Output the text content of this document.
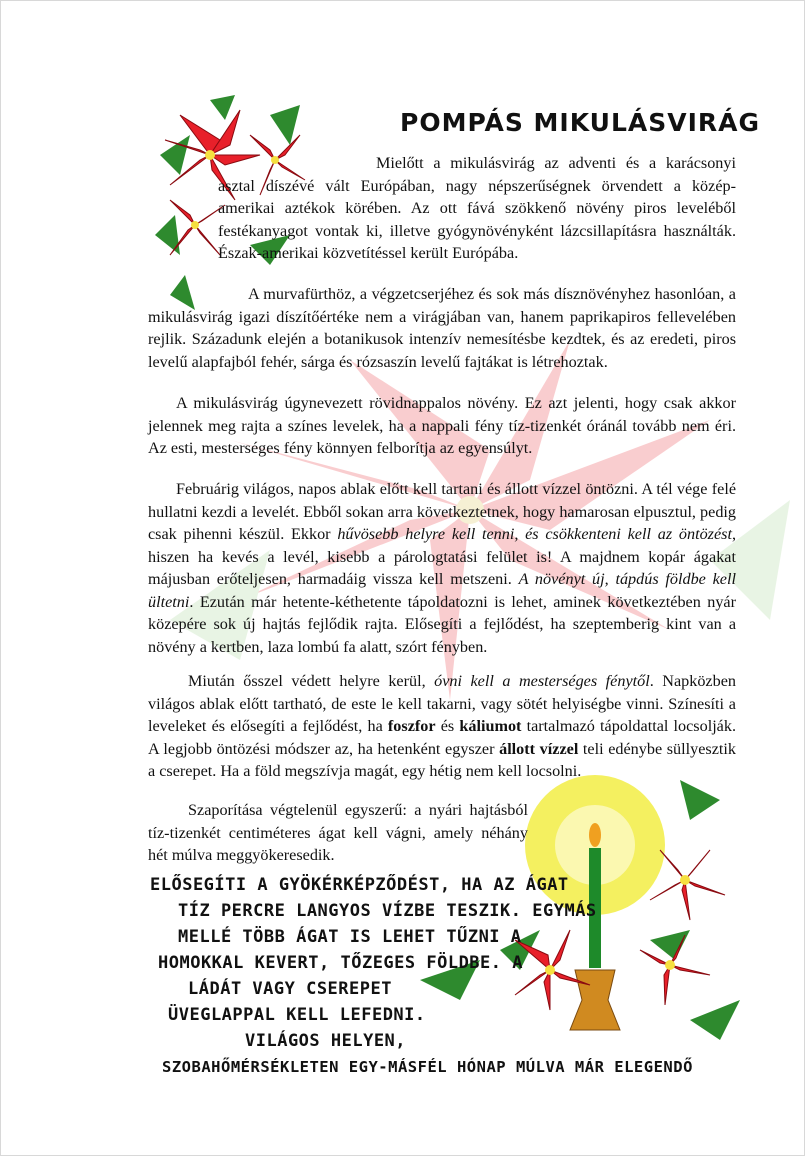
POMPÁS MIKULÁSVIRÁG
Mielőtt a mikulásvirág az adventi és a karácsonyi asztal díszévé vált Európában, nagy népszerűségnek örvendett a közép-amerikai aztékok körében. Az ott fává szökkenő növény piros leveléből festékanyagot vontak ki, illetve gyógynövényként lázcsillapításra használták. Észak-amerikai közvetítéssel került Európába.
A murvafürthöz, a végzetcserjéhez és sok más dísznövényhez hasonlóan, a mikulásvirág igazi díszítőértéke nem a virágjában van, hanem paprikapiros fellevelében rejlik. Századunk elején a botanikusok intenzív nemesítésbe kezdtek, és az eredeti, piros levelű alapfajból fehér, sárga és rózsaszín levelű fajtákat is létrehoztak.
A mikulásvirág úgynevezett rövidnappalos növény. Ez azt jelenti, hogy csak akkor jelennek meg rajta a színes levelek, ha a nappali fény tíz-tizenkét óránál tovább nem éri. Az esti, mesterséges fény könnyen felborítja az egyensúlyt.
Februárig világos, napos ablak előtt kell tartani és állott vízzel öntözni. A tél vége felé hullatni kezdi a levelét. Ebből sokan arra következtetnek, hogy hamarosan elpusztul, pedig csak pihenni készül. Ekkor hűvösebb helyre kell tenni, és csökkenteni kell az öntözést, hiszen ha kevés a levél, kisebb a párologtatási felület is! A majdnem kopár ágakat májusban erőteljesen, harmadáig vissza kell metszeni. A növényt új, tápdús földbe kell ültetni. Ezután már hetente-kéthetente tápoldatozni is lehet, aminek következtében nyár közepére sok új hajtás fejlődik rajta. Elősegíti a fejlődést, ha szeptemberig kint van a növény a kertben, laza lombú fa alatt, szórt fényben.
Miután ősszel védett helyre kerül, óvni kell a mesterséges fénytől. Napközben világos ablak előtt tartható, de este le kell takarni, vagy sötét helyiségbe vinni. Színesíti a leveleket és elősegíti a fejlődést, ha foszfor és káliumot tartalmazó tápoldattal locsolják. A legjobb öntözési módszer az, ha hetenként egyszer állott vízzel teli edénybe süllyesztik a cserepet. Ha a föld megszívja magát, egy hétig nem kell locsolni.
Szaporítása végtelenül egyszerű: a nyári hajtásból tíz-tizenkét centiméteres ágat kell vágni, amely néhány hét múlva meggyökeresedik.
ELŐSEGÍTI A GYÖKÉRKÉPZŐDÉST, HA AZ ÁGAT
TÍZ PERCRE LANGYOS VÍZBE TESZIK. EGYMÁS
MELLÉ TÖBB ÁGAT IS LEHET TŰZNI A
HOMOKKAL KEVERT, TŐZEGES FÖLDBE. A
LÁDÁT VAGY CSEREPET
ÜVEGLAPPAL KELL LEFEDNI.
VILÁGOS HELYEN,
SZOBAHŐMÉRSÉKLETEN EGY-MÁSFÉL HÓNAP MÚLVA MÁR ELEGENDŐ
